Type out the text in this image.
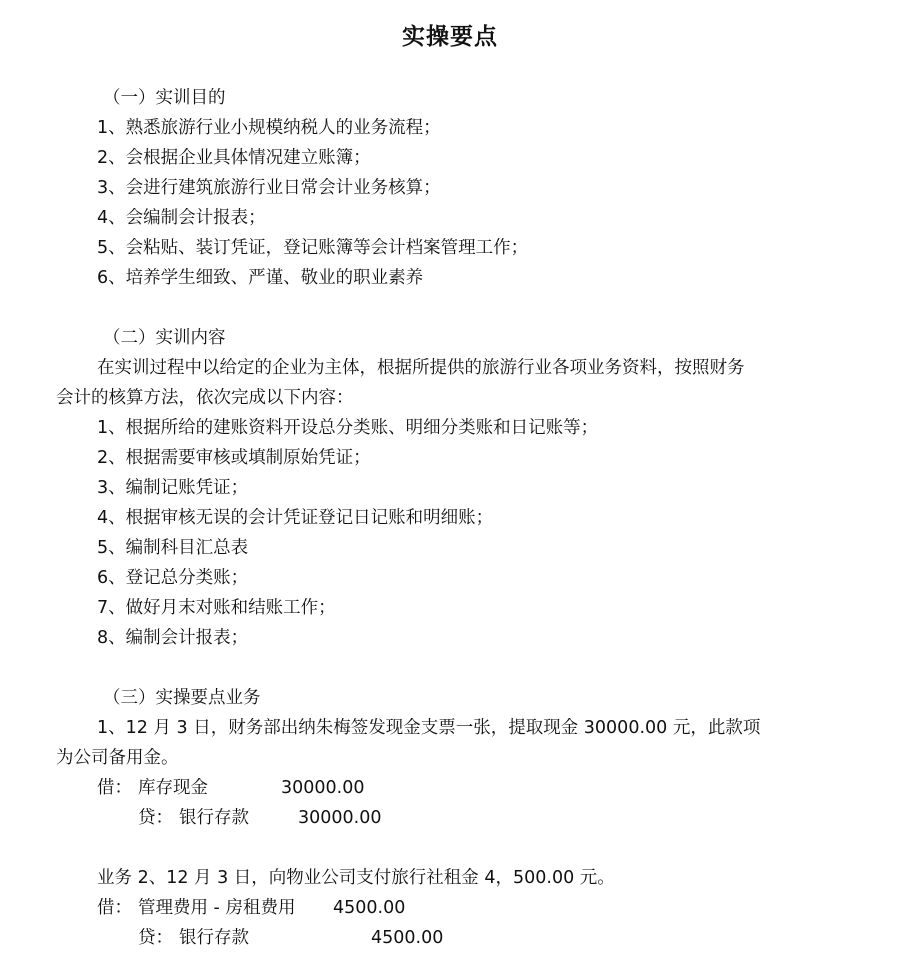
实操要点
（一）实训目的
1、熟悉旅游行业小规模纳税人的业务流程；
2、会根据企业具体情况建立账簿；
3、会进行建筑旅游行业日常会计业务核算；
4、会编制会计报表；
5、会粘贴、装订凭证，登记账簿等会计档案管理工作；
6、培养学生细致、严谨、敬业的职业素养
（二）实训内容
在实训过程中以给定的企业为主体，根据所提供的旅游行业各项业务资料，按照财务
会计的核算方法，依次完成以下内容：
1、根据所给的建账资料开设总分类账、明细分类账和日记账等；
2、根据需要审核或填制原始凭证；
3、编制记账凭证；
4、根据审核无误的会计凭证登记日记账和明细账；
5、编制科目汇总表
6、登记总分类账；
7、做好月末对账和结账工作；
8、编制会计报表；
（三）实操要点业务
1、12 月 3 日，财务部出纳朱梅签发现金支票一张，提取现金 30000.00 元，此款项
为公司备用金。
借： 库存现金	30000.00
贷： 银行存款	30000.00
业务 2、12 月 3 日，向物业公司支付旅行社租金 4，500.00 元。
借： 管理费用 - 房租费用	4500.00
贷： 银行存款	4500.00
